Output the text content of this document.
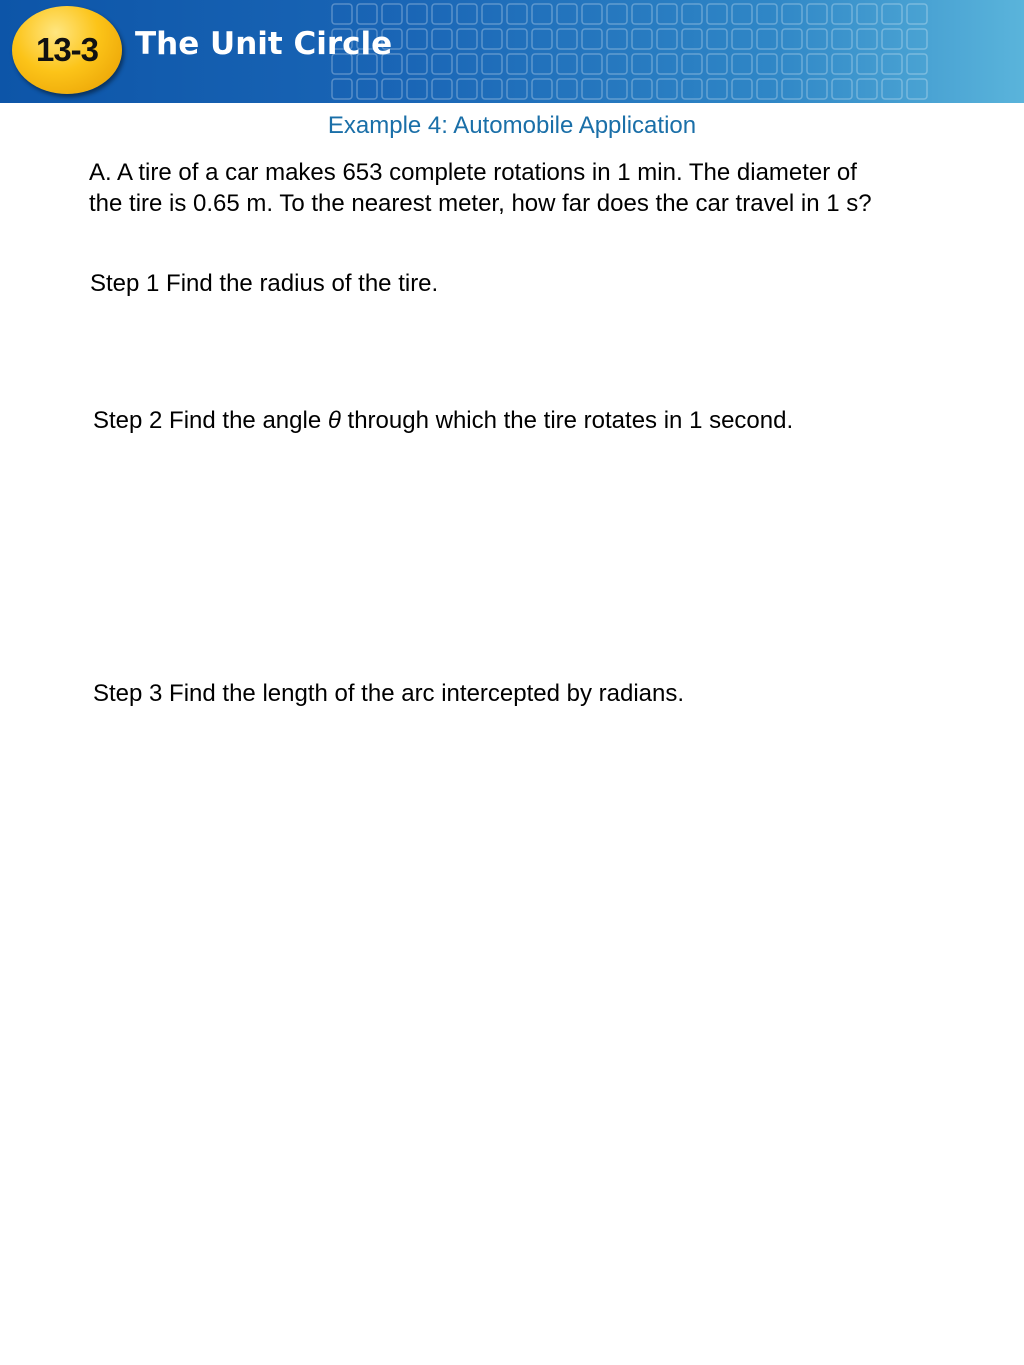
13-3 The Unit Circle
Example 4: Automobile Application
A. A tire of a car makes 653 complete rotations in 1 min. The diameter of
the tire is 0.65 m. To the nearest meter, how far does the car travel in 1 s?
Step 1 Find the radius of the tire.
Step 2 Find the angle θ through which the tire rotates in 1 second.
Step 3 Find the length of the arc intercepted by radians.
